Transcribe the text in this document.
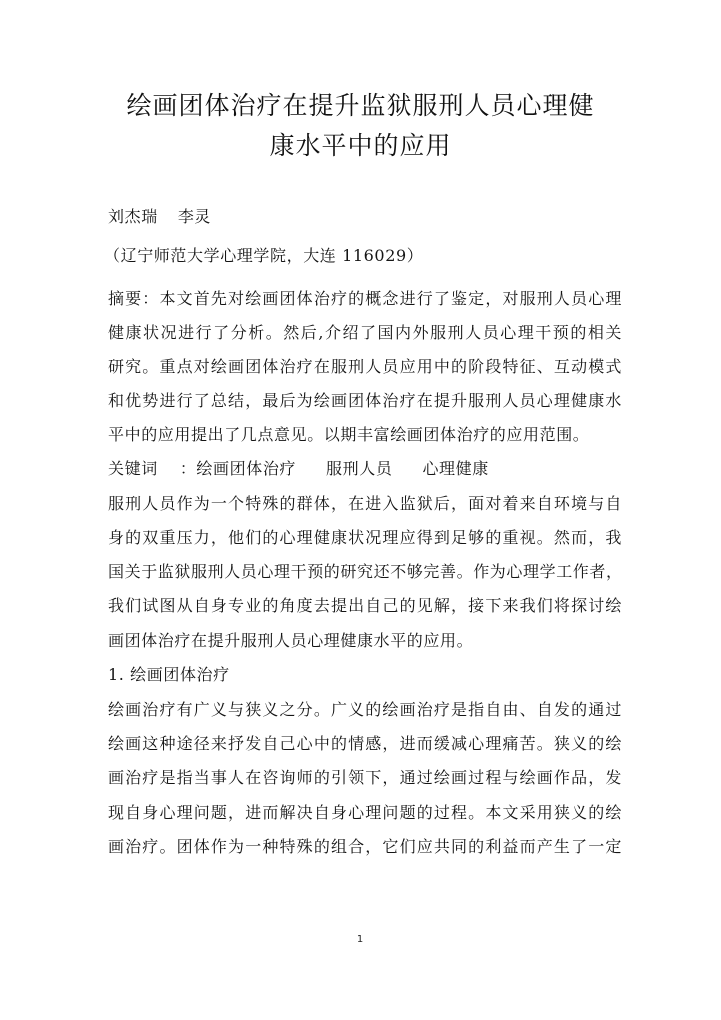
绘画团体治疗在提升监狱服刑人员心理健
康水平中的应用
刘杰瑞 李灵
（辽宁师范大学心理学院，大连 116029）
摘要：本文首先对绘画团体治疗的概念进行了鉴定，对服刑人员心理
健康状况进行了分析。然后,介绍了国内外服刑人员心理干预的相关
研究。重点对绘画团体治疗在服刑人员应用中的阶段特征、互动模式
和优势进行了总结，最后为绘画团体治疗在提升服刑人员心理健康水
平中的应用提出了几点意见。以期丰富绘画团体治疗的应用范围。
关键词 ：绘画团体治疗 服刑人员 心理健康
服刑人员作为一个特殊的群体，在进入监狱后，面对着来自环境与自
身的双重压力，他们的心理健康状况理应得到足够的重视。然而，我
国关于监狱服刑人员心理干预的研究还不够完善。作为心理学工作者，
我们试图从自身专业的角度去提出自己的见解，接下来我们将探讨绘
画团体治疗在提升服刑人员心理健康水平的应用。
1. 绘画团体治疗
绘画治疗有广义与狭义之分。广义的绘画治疗是指自由、自发的通过
绘画这种途径来抒发自己心中的情感，进而缓减心理痛苦。狭义的绘
画治疗是指当事人在咨询师的引领下，通过绘画过程与绘画作品，发
现自身心理问题，进而解决自身心理问题的过程。本文采用狭义的绘
画治疗。团体作为一种特殊的组合，它们应共同的利益而产生了一定
1
